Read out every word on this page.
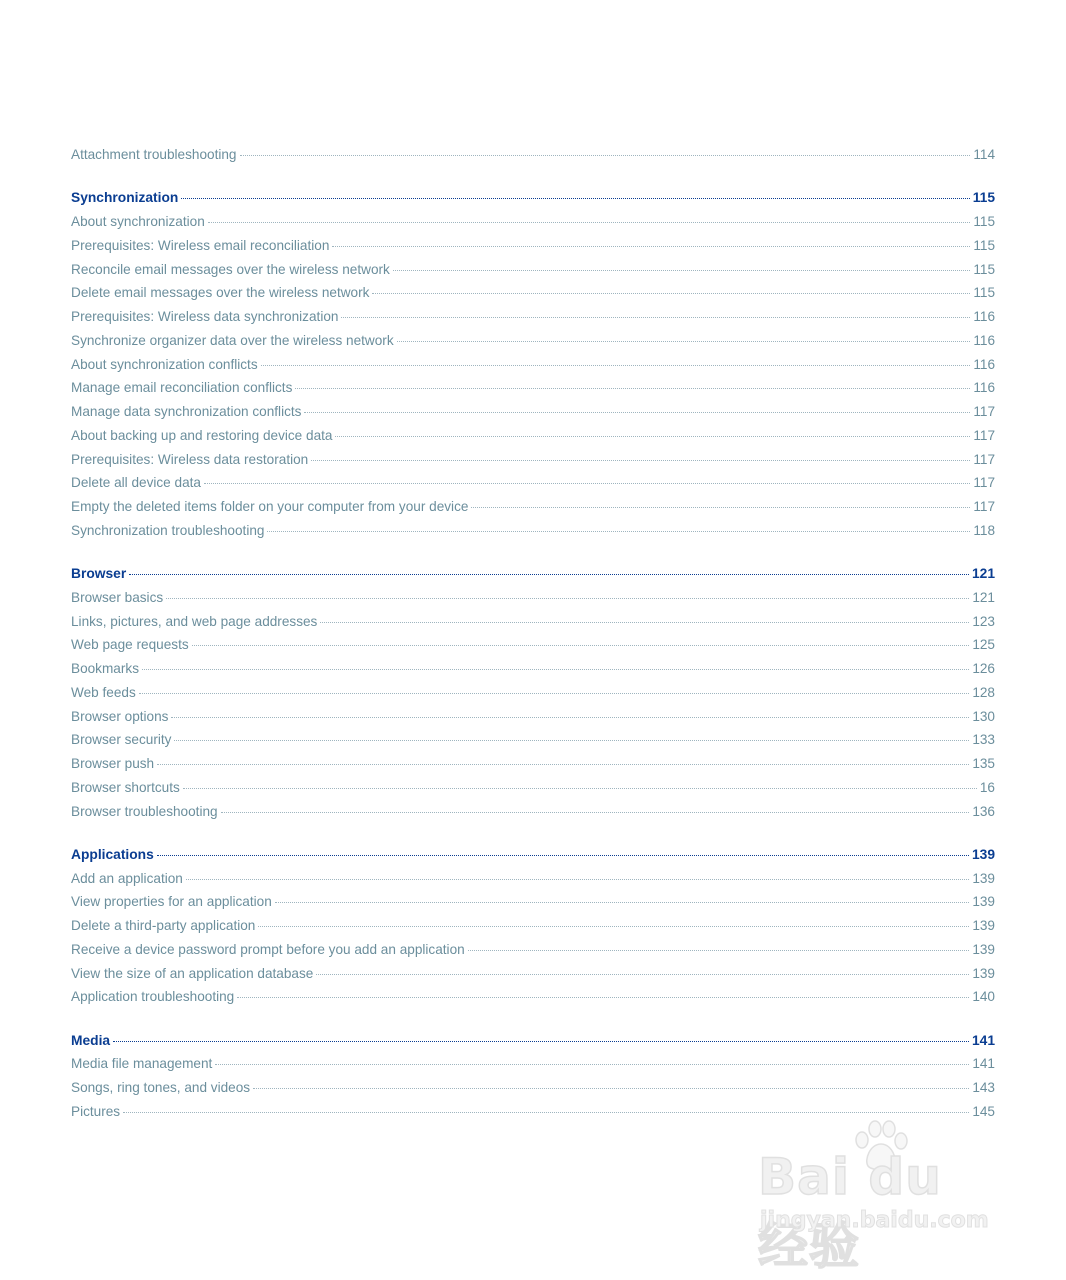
Attachment troubleshooting	114
Synchronization	115
About synchronization	115
Prerequisites: Wireless email reconciliation	115
Reconcile email messages over the wireless network	115
Delete email messages over the wireless network	115
Prerequisites: Wireless data synchronization	116
Synchronize organizer data over the wireless network	116
About synchronization conflicts	116
Manage email reconciliation conflicts	116
Manage data synchronization conflicts	117
About backing up and restoring device data	117
Prerequisites: Wireless data restoration	117
Delete all device data	117
Empty the deleted items folder on your computer from your device	117
Synchronization troubleshooting	118
Browser	121
Browser basics	121
Links, pictures, and web page addresses	123
Web page requests	125
Bookmarks	126
Web feeds	128
Browser options	130
Browser security	133
Browser push	135
Browser shortcuts	16
Browser troubleshooting	136
Applications	139
Add an application	139
View properties for an application	139
Delete a third-party application	139
Receive a device password prompt before you add an application	139
View the size of an application database	139
Application troubleshooting	140
Media	141
Media file management	141
Songs, ring tones, and videos	143
Pictures	145
Bai du 经验
jingyan.baidu.com
